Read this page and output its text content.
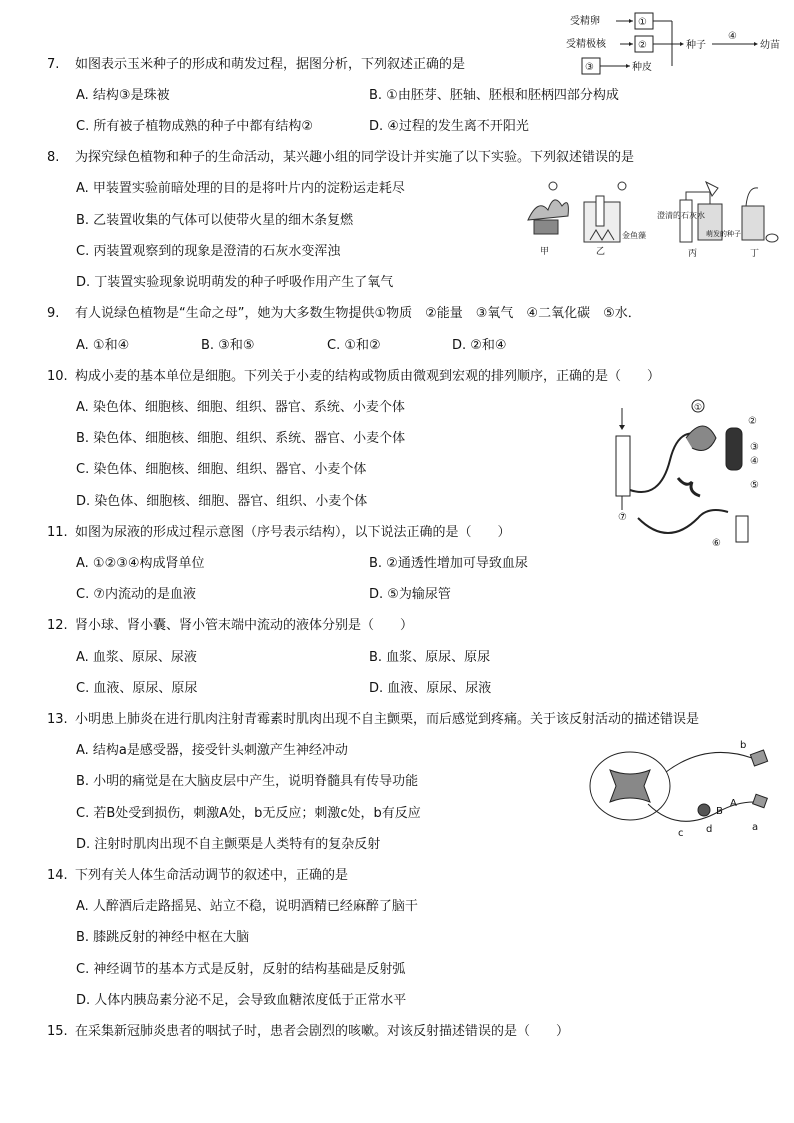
受精卵
受精极核
①
②
③	种皮
种子
④
幼苗
7. 如图表示玉米种子的形成和萌发过程，据图分析，下列叙述正确的是
A. 结构③是珠被	B. ①由胚芽、胚轴、胚根和胚柄四部分构成
C. 所有被子植物成熟的种子中都有结构②	D. ④过程的发生离不开阳光
8. 为探究绿色植物和种子的生命活动，某兴趣小组的同学设计并实施了以下实验。下列叙述错误的是
A. 甲装置实验前暗处理的目的是将叶片内的淀粉运走耗尽
B. 乙装置收集的气体可以使带火星的细木条复燃
C. 丙装置观察到的现象是澄清的石灰水变浑浊
D. 丁装置实验现象说明萌发的种子呼吸作用产生了氧气
甲
金鱼藻
乙
澄清的石灰水
萌发的种子
丙	丁
9. 有人说绿色植物是“生命之母”，她为大多数生物提供①物质　②能量　③氧气　④二氧化碳　⑤水．
A. ①和④	B. ③和⑤	C. ①和②	D. ②和④
10. 构成小麦的基本单位是细胞。下列关于小麦的结构或物质由微观到宏观的排列顺序，正确的是（　　）
A. 染色体、细胞核、细胞、组织、器官、系统、小麦个体
B. 染色体、细胞核、细胞、组织、系统、器官、小麦个体
C. 染色体、细胞核、细胞、组织、器官、小麦个体
D. 染色体、细胞核、细胞、器官、组织、小麦个体
①
②
③
④
⑤
⑥
⑦
11. 如图为尿液的形成过程示意图（序号表示结构），以下说法正确的是（　　）
A. ①②③④构成肾单位	B. ②通透性增加可导致血尿
C. ⑦内流动的是血液	D. ⑤为输尿管
12. 肾小球、肾小囊、肾小管末端中流动的液体分别是（　　）
A. 血浆、原尿、尿液	B. 血浆、原尿、原尿
C. 血液、原尿、原尿	D. 血液、原尿、尿液
13. 小明患上肺炎在进行肌肉注射青霉素时肌肉出现不自主颤栗，而后感觉到疼痛。关于该反射活动的描述错误是
A. 结构a是感受器，接受针头刺激产生神经冲动
B. 小明的痛觉是在大脑皮层中产生，说明脊髓具有传导功能
C. 若B处受到损伤，刺激A处，b无反应；刺激c处，b有反应
D. 注射时肌肉出现不自主颤栗是人类特有的复杂反射
b
A
B
c d	a
14. 下列有关人体生命活动调节的叙述中，正确的是
A. 人醉酒后走路摇晃、站立不稳，说明酒精已经麻醉了脑干
B. 膝跳反射的神经中枢在大脑
C. 神经调节的基本方式是反射，反射的结构基础是反射弧
D. 人体内胰岛素分泌不足，会导致血糖浓度低于正常水平
15. 在采集新冠肺炎患者的咽拭子时，患者会剧烈的咳嗽。对该反射描述错误的是（　　）
